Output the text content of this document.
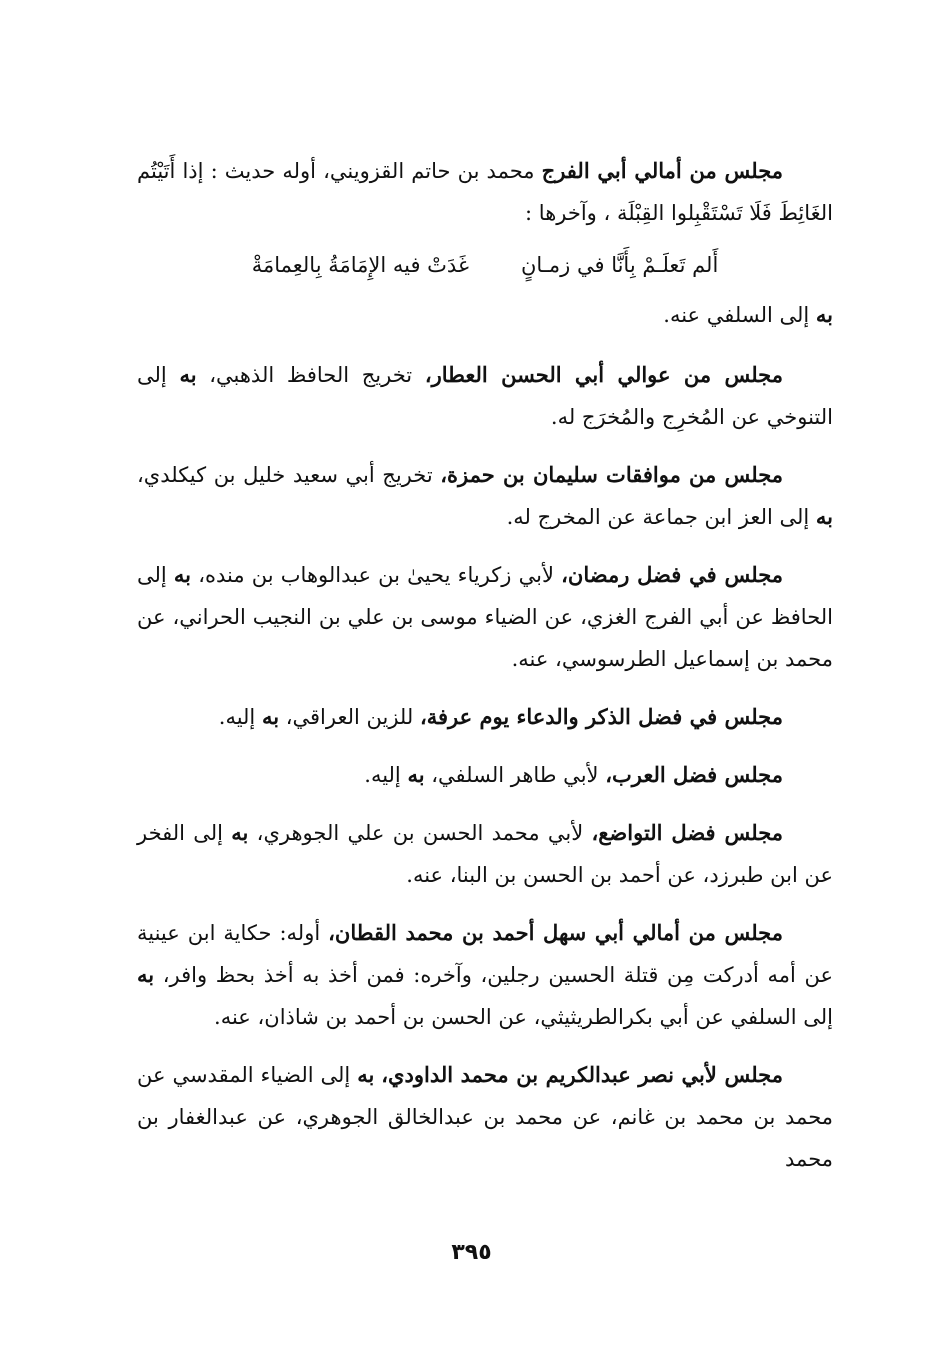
مجلس من أمالي أبي الفرج محمد بن حاتم القزويني، أوله حديث : إذا أَتَيْتُم الغَائِطَ فَلَا تَسْتَقْبِلوا القِبْلَة ، وآخرها :

أَلم تَعلَـمْ بِأَنَّا في زمـانٍ
غَدَتْ فيه الإِمَامَةُ بِالعِمامَةْ

به إلى السلفي عنه.

مجلس من عوالي أبي الحسن العطار، تخريج الحافظ الذهبي، به إلى التنوخي عن المُخرِج والمُخرَج له.

مجلس من موافقات سليمان بن حمزة، تخريج أبي سعيد خليل بن كيكلدي، به إلى العز ابن جماعة عن المخرج له.

مجلس في فضل رمضان، لأبي زكرياء يحيىٰ بن عبدالوهاب بن منده، به إلى الحافظ عن أبي الفرج الغزي، عن الضياء موسى بن علي بن النجيب الحراني، عن محمد بن إسماعيل الطرسوسي، عنه.

مجلس في فضل الذكر والدعاء يوم عرفة، للزين العراقي، به إليه.

مجلس فضل العرب، لأبي طاهر السلفي، به إليه.

مجلس فضل التواضع، لأبي محمد الحسن بن علي الجوهري، به إلى الفخر عن ابن طبرزد، عن أحمد بن الحسن بن البنا، عنه.

مجلس من أمالي أبي سهل أحمد بن محمد القطان، أوله: حكاية ابن عينية عن أمه أدركت مِن قتلة الحسين رجلين، وآخره: فمن أخذ به أخذ بحظ وافر، به إلى السلفي عن أبي بكرالطريثيثي، عن الحسن بن أحمد بن شاذان، عنه.

مجلس لأبي نصر عبدالكريم بن محمد الداودي، به إلى الضياء المقدسي عن محمد بن محمد بن غانم، عن محمد بن عبدالخالق الجوهري، عن عبدالغفار بن محمد

٣٩٥
